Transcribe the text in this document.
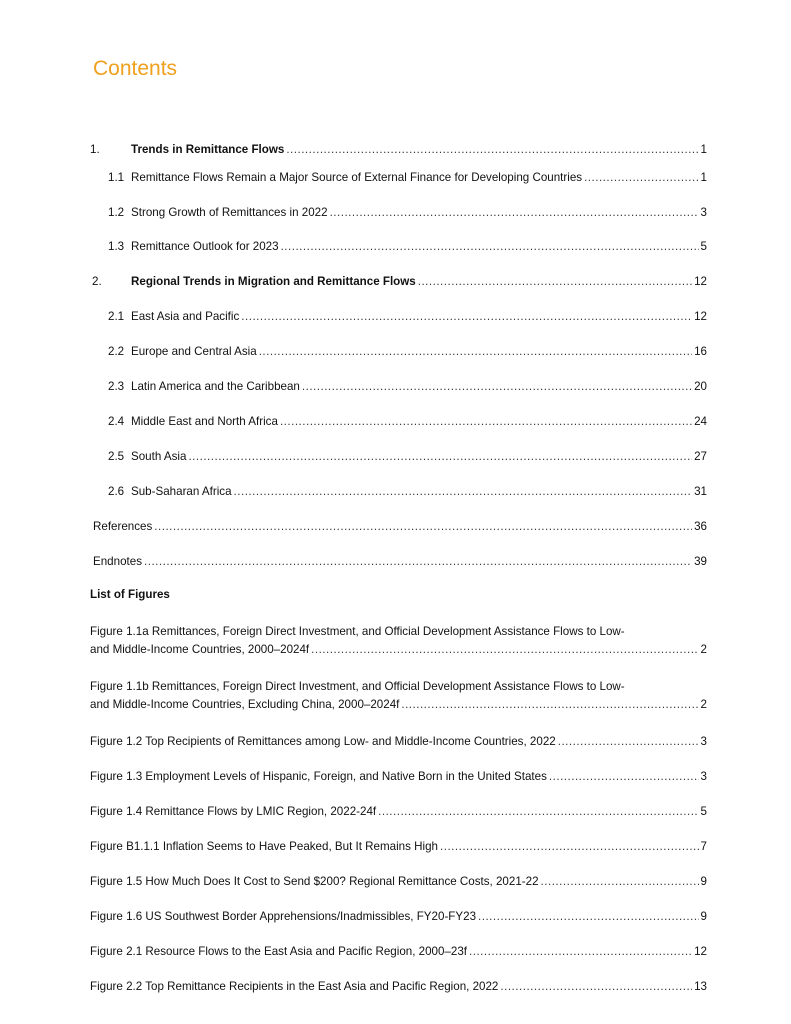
Contents
1.	Trends in Remittance Flows .....	1
1.1 Remittance Flows Remain a Major Source of External Finance for Developing Countries .....	1
1.2 Strong Growth of Remittances in 2022 .....	3
1.3 Remittance Outlook for 2023 .....	5
2.	Regional Trends in Migration and Remittance Flows .....	12
2.1 East Asia and Pacific .....	12
2.2 Europe and Central Asia .....	16
2.3 Latin America and the Caribbean .....	20
2.4 Middle East and North Africa .....	24
2.5 South Asia .....	27
2.6 Sub-Saharan Africa .....	31
References .....	36
Endnotes .....	39
List of Figures
Figure 1.1a Remittances, Foreign Direct Investment, and Official Development Assistance Flows to Low-
and Middle-Income Countries, 2000–2024f .....	2
Figure 1.1b Remittances, Foreign Direct Investment, and Official Development Assistance Flows to Low-
and Middle-Income Countries, Excluding China, 2000–2024f .....	2
Figure 1.2 Top Recipients of Remittances among Low- and Middle-Income Countries, 2022 .....	3
Figure 1.3 Employment Levels of Hispanic, Foreign, and Native Born in the United States .....	3
Figure 1.4 Remittance Flows by LMIC Region, 2022-24f .....	5
Figure B1.1.1 Inflation Seems to Have Peaked, But It Remains High .....	7
Figure 1.5 How Much Does It Cost to Send $200? Regional Remittance Costs, 2021-22 .....	9
Figure 1.6 US Southwest Border Apprehensions/Inadmissibles, FY20-FY23 .....	9
Figure 2.1 Resource Flows to the East Asia and Pacific Region, 2000–23f .....	12
Figure 2.2 Top Remittance Recipients in the East Asia and Pacific Region, 2022 .....	13
